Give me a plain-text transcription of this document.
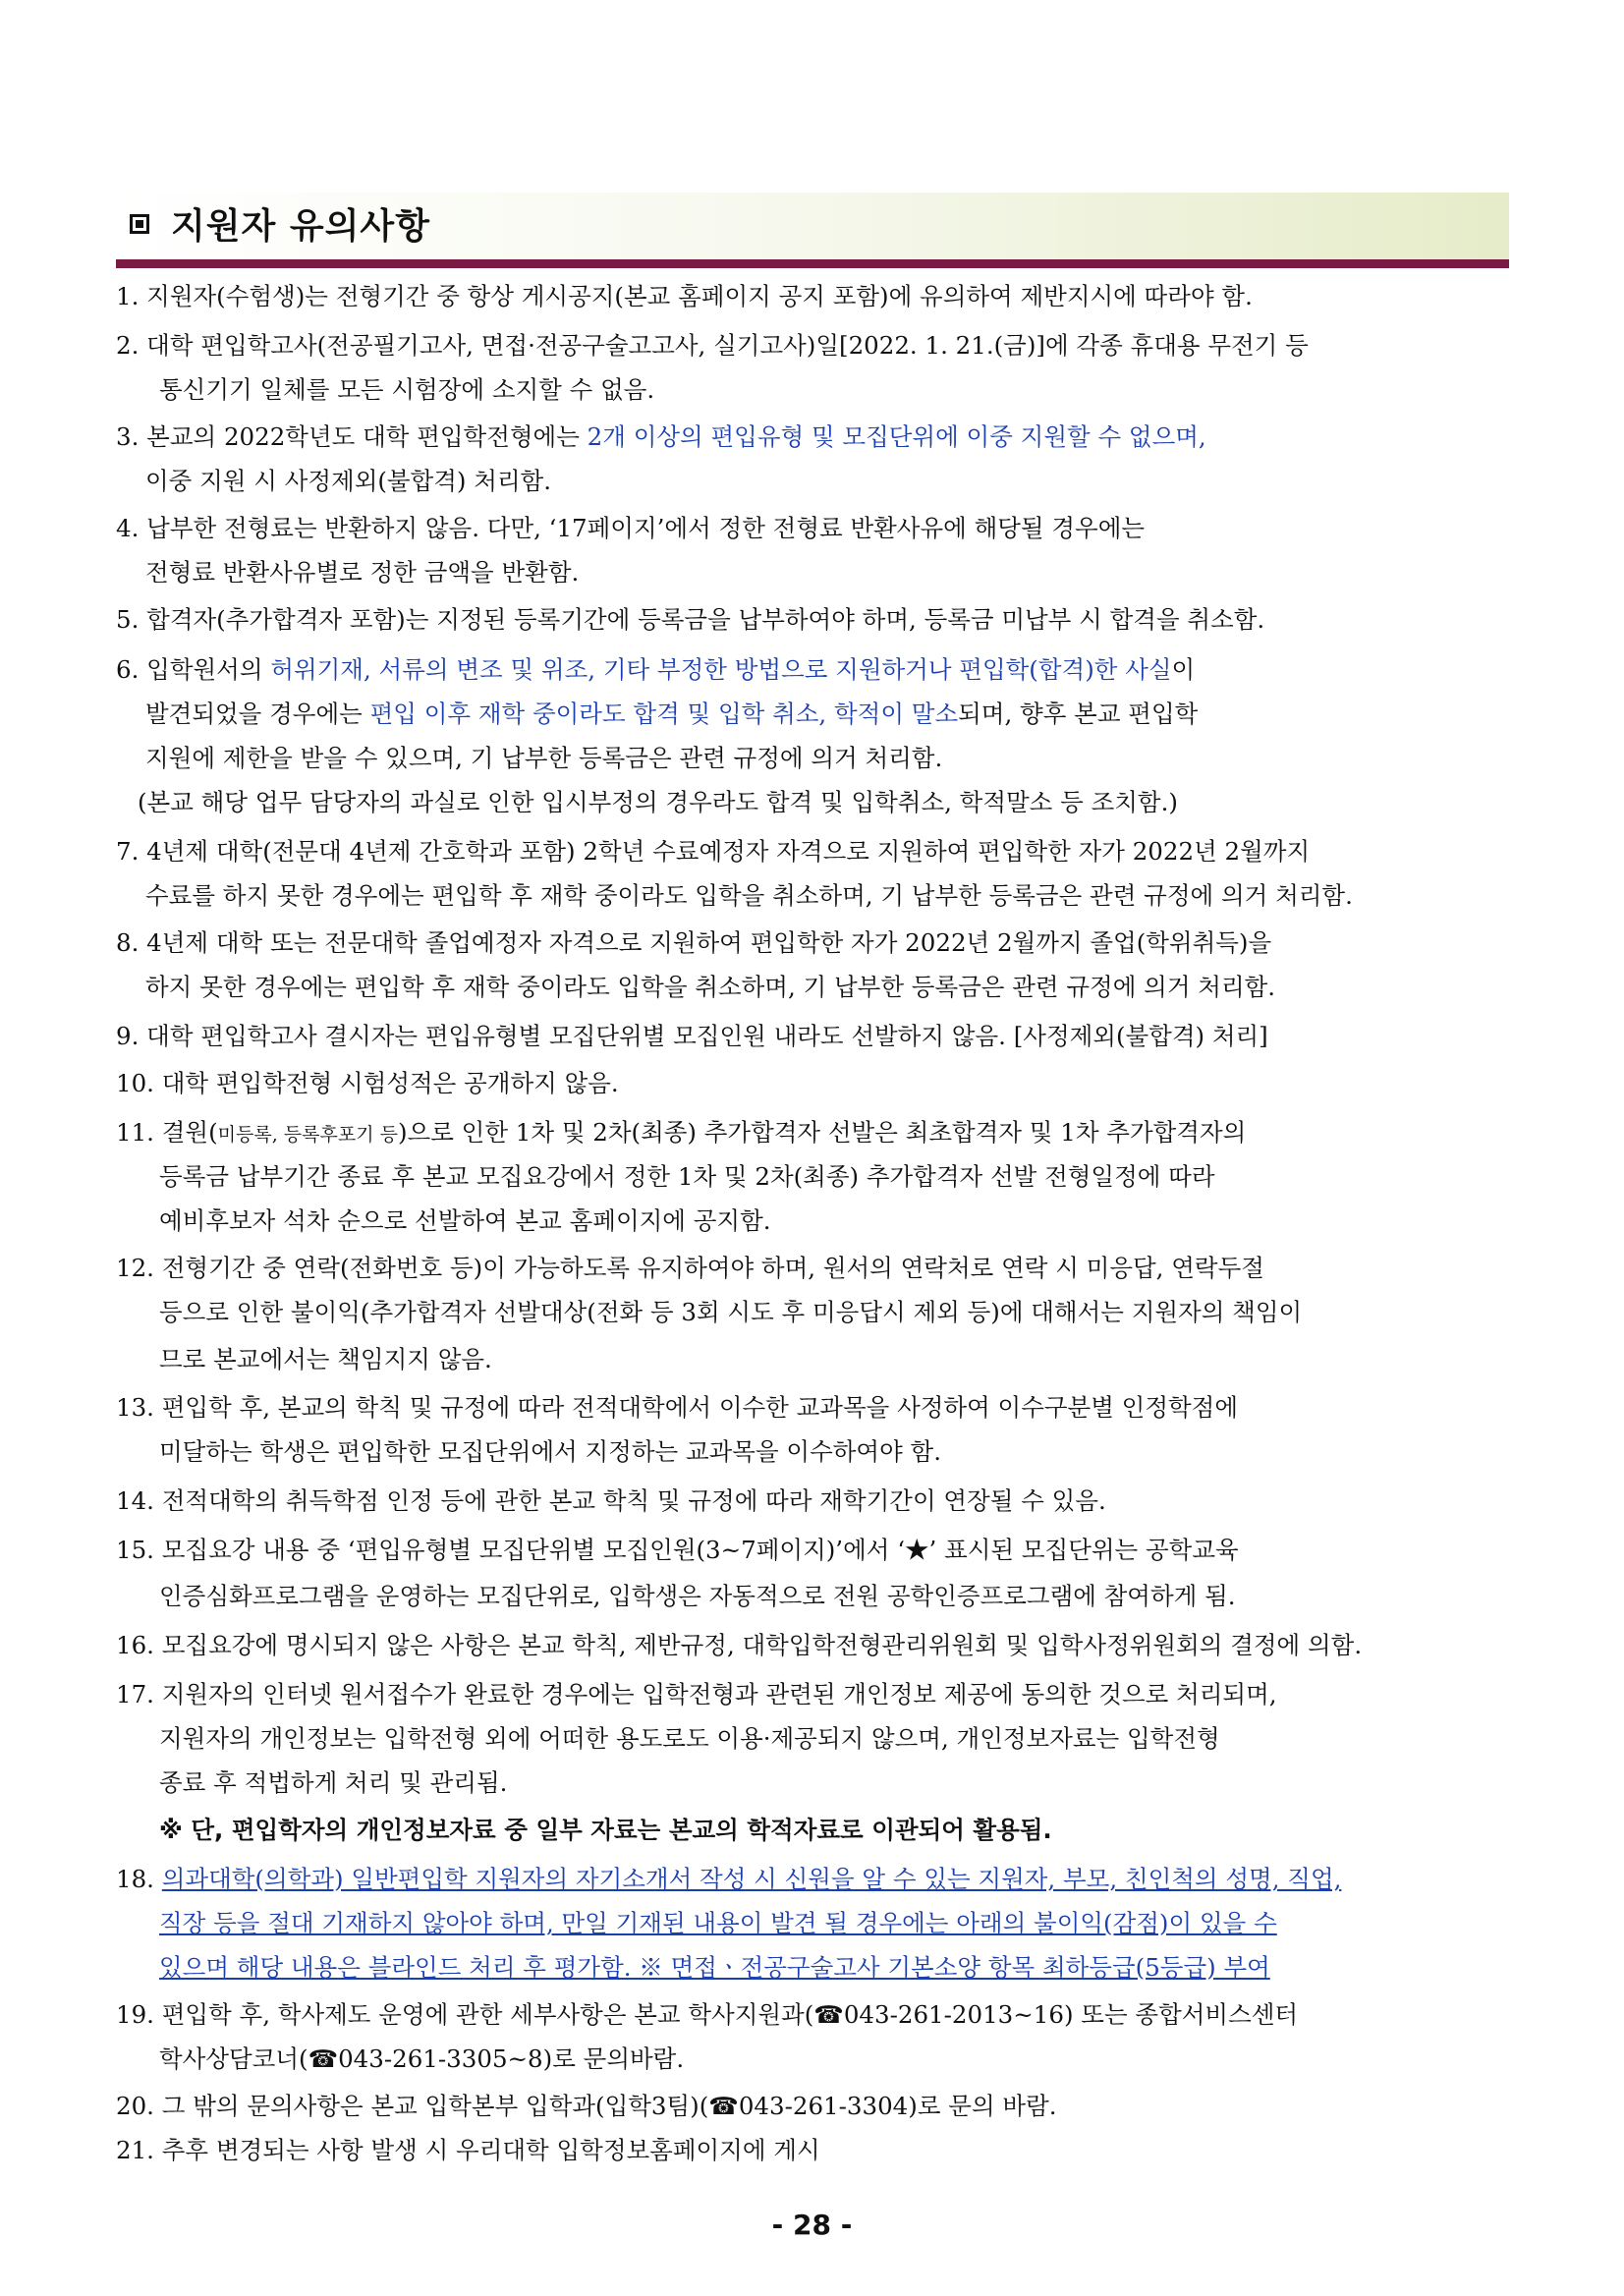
지원자 유의사항
1. 지원자(수험생)는 전형기간 중 항상 게시공지(본교 홈페이지 공지 포함)에 유의하여 제반지시에 따라야 함.
2. 대학 편입학고사(전공필기고사, 면접·전공구술고고사, 실기고사)일[2022. 1. 21.(금)]에 각종 휴대용 무전기 등
통신기기 일체를 모든 시험장에 소지할 수 없음.
3. 본교의 2022학년도 대학 편입학전형에는 2개 이상의 편입유형 및 모집단위에 이중 지원할 수 없으며,
이중 지원 시 사정제외(불합격) 처리함.
4. 납부한 전형료는 반환하지 않음. 다만, ‘17페이지’에서 정한 전형료 반환사유에 해당될 경우에는
전형료 반환사유별로 정한 금액을 반환함.
5. 합격자(추가합격자 포함)는 지정된 등록기간에 등록금을 납부하여야 하며, 등록금 미납부 시 합격을 취소함.
6. 입학원서의 허위기재, 서류의 변조 및 위조, 기타 부정한 방법으로 지원하거나 편입학(합격)한 사실이
발견되었을 경우에는 편입 이후 재학 중이라도 합격 및 입학 취소, 학적이 말소되며, 향후 본교 편입학
지원에 제한을 받을 수 있으며, 기 납부한 등록금은 관련 규정에 의거 처리함.
(본교 해당 업무 담당자의 과실로 인한 입시부정의 경우라도 합격 및 입학취소, 학적말소 등 조치함.)
7. 4년제 대학(전문대 4년제 간호학과 포함) 2학년 수료예정자 자격으로 지원하여 편입학한 자가 2022년 2월까지
수료를 하지 못한 경우에는 편입학 후 재학 중이라도 입학을 취소하며, 기 납부한 등록금은 관련 규정에 의거 처리함.
8. 4년제 대학 또는 전문대학 졸업예정자 자격으로 지원하여 편입학한 자가 2022년 2월까지 졸업(학위취득)을
하지 못한 경우에는 편입학 후 재학 중이라도 입학을 취소하며, 기 납부한 등록금은 관련 규정에 의거 처리함.
9. 대학 편입학고사 결시자는 편입유형별 모집단위별 모집인원 내라도 선발하지 않음. [사정제외(불합격) 처리]
10. 대학 편입학전형 시험성적은 공개하지 않음.
11. 결원(미등록, 등록후포기 등)으로 인한 1차 및 2차(최종) 추가합격자 선발은 최초합격자 및 1차 추가합격자의
등록금 납부기간 종료 후 본교 모집요강에서 정한 1차 및 2차(최종) 추가합격자 선발 전형일정에 따라
예비후보자 석차 순으로 선발하여 본교 홈페이지에 공지함.
12. 전형기간 중 연락(전화번호 등)이 가능하도록 유지하여야 하며, 원서의 연락처로 연락 시 미응답, 연락두절
등으로 인한 불이익(추가합격자 선발대상(전화 등 3회 시도 후 미응답시 제외 등)에 대해서는 지원자의 책임이
므로 본교에서는 책임지지 않음.
13. 편입학 후, 본교의 학칙 및 규정에 따라 전적대학에서 이수한 교과목을 사정하여 이수구분별 인정학점에
미달하는 학생은 편입학한 모집단위에서 지정하는 교과목을 이수하여야 함.
14. 전적대학의 취득학점 인정 등에 관한 본교 학칙 및 규정에 따라 재학기간이 연장될 수 있음.
15. 모집요강 내용 중 ‘편입유형별 모집단위별 모집인원(3~7페이지)’에서 ‘★’ 표시된 모집단위는 공학교육
인증심화프로그램을 운영하는 모집단위로, 입학생은 자동적으로 전원 공학인증프로그램에 참여하게 됨.
16. 모집요강에 명시되지 않은 사항은 본교 학칙, 제반규정, 대학입학전형관리위원회 및 입학사정위원회의 결정에 의함.
17. 지원자의 인터넷 원서접수가 완료한 경우에는 입학전형과 관련된 개인정보 제공에 동의한 것으로 처리되며,
지원자의 개인정보는 입학전형 외에 어떠한 용도로도 이용·제공되지 않으며, 개인정보자료는 입학전형
종료 후 적법하게 처리 및 관리됨.
※ 단, 편입학자의 개인정보자료 중 일부 자료는 본교의 학적자료로 이관되어 활용됨.
18. 의과대학(의학과) 일반편입학 지원자의 자기소개서 작성 시 신원을 알 수 있는 지원자, 부모, 친인척의 성명, 직업,
직장 등을 절대 기재하지 않아야 하며, 만일 기재된 내용이 발견 될 경우에는 아래의 불이익(감점)이 있을 수
있으며 해당 내용은 블라인드 처리 후 평가함. ※ 면접ㆍ전공구술고사 기본소양 항목 최하등급(5등급) 부여
19. 편입학 후, 학사제도 운영에 관한 세부사항은 본교 학사지원과(☎043-261-2013~16) 또는 종합서비스센터
학사상담코너(☎043-261-3305~8)로 문의바람.
20. 그 밖의 문의사항은 본교 입학본부 입학과(입학3팀)(☎043-261-3304)로 문의 바람.
21. 추후 변경되는 사항 발생 시 우리대학 입학정보홈페이지에 게시
- 28 -
